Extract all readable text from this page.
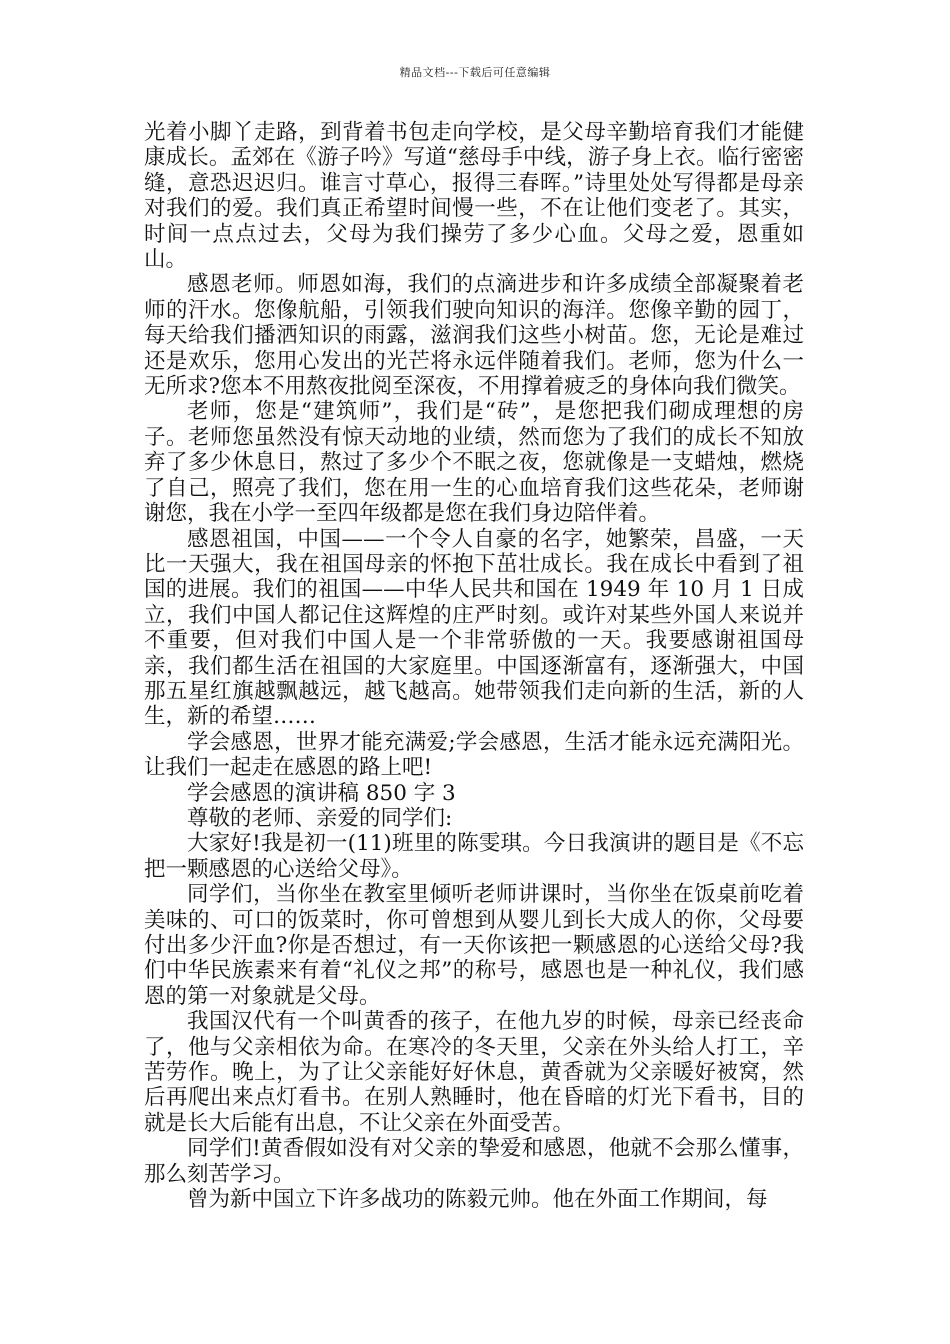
精品文档---下载后可任意编辑

光着小脚丫走路，到背着书包走向学校，是父母辛勤培育我们才能健康成长。孟郊在《游子吟》写道“慈母手中线，游子身上衣。临行密密缝，意恐迟迟归。谁言寸草心，报得三春晖。”诗里处处写得都是母亲对我们的爱。我们真正希望时间慢一些，不在让他们变老了。其实，时间一点点过去，父母为我们操劳了多少心血。父母之爱，恩重如山。

感恩老师。师恩如海，我们的点滴进步和许多成绩全部凝聚着老师的汗水。您像航船，引领我们驶向知识的海洋。您像辛勤的园丁，每天给我们播洒知识的雨露，滋润我们这些小树苗。您，无论是难过还是欢乐，您用心发出的光芒将永远伴随着我们。老师，您为什么一无所求?您本不用熬夜批阅至深夜，不用撑着疲乏的身体向我们微笑。

老师，您是“建筑师”，我们是“砖”，是您把我们砌成理想的房子。老师您虽然没有惊天动地的业绩，然而您为了我们的成长不知放弃了多少休息日，熬过了多少个不眠之夜，您就像是一支蜡烛，燃烧了自己，照亮了我们，您在用一生的心血培育我们这些花朵，老师谢谢您，我在小学一至四年级都是您在我们身边陪伴着。

感恩祖国，中国——一个令人自豪的名字，她繁荣，昌盛，一天比一天强大，我在祖国母亲的怀抱下茁壮成长。我在成长中看到了祖国的进展。我们的祖国——中华人民共和国在 1949 年 10 月 1 日成立，我们中国人都记住这辉煌的庄严时刻。或许对某些外国人来说并不重要，但对我们中国人是一个非常骄傲的一天。我要感谢祖国母亲，我们都生活在祖国的大家庭里。中国逐渐富有，逐渐强大，中国那五星红旗越飘越远，越飞越高。她带领我们走向新的生活，新的人生，新的希望……

学会感恩，世界才能充满爱;学会感恩，生活才能永远充满阳光。让我们一起走在感恩的路上吧!

学会感恩的演讲稿 850 字 3

尊敬的老师、亲爱的同学们:

大家好!我是初一(11)班里的陈雯琪。今日我演讲的题目是《不忘把一颗感恩的心送给父母》。

同学们，当你坐在教室里倾听老师讲课时，当你坐在饭桌前吃着美味的、可口的饭菜时，你可曾想到从婴儿到长大成人的你，父母要付出多少汗血?你是否想过，有一天你该把一颗感恩的心送给父母?我们中华民族素来有着“礼仪之邦”的称号，感恩也是一种礼仪，我们感恩的第一对象就是父母。

我国汉代有一个叫黄香的孩子，在他九岁的时候，母亲已经丧命了，他与父亲相依为命。在寒冷的冬天里，父亲在外头给人打工，辛苦劳作。晚上，为了让父亲能好好休息，黄香就为父亲暖好被窝，然后再爬出来点灯看书。在别人熟睡时，他在昏暗的灯光下看书，目的就是长大后能有出息，不让父亲在外面受苦。

同学们!黄香假如没有对父亲的挚爱和感恩，他就不会那么懂事，那么刻苦学习。

曾为新中国立下许多战功的陈毅元帅。他在外面工作期间，每
